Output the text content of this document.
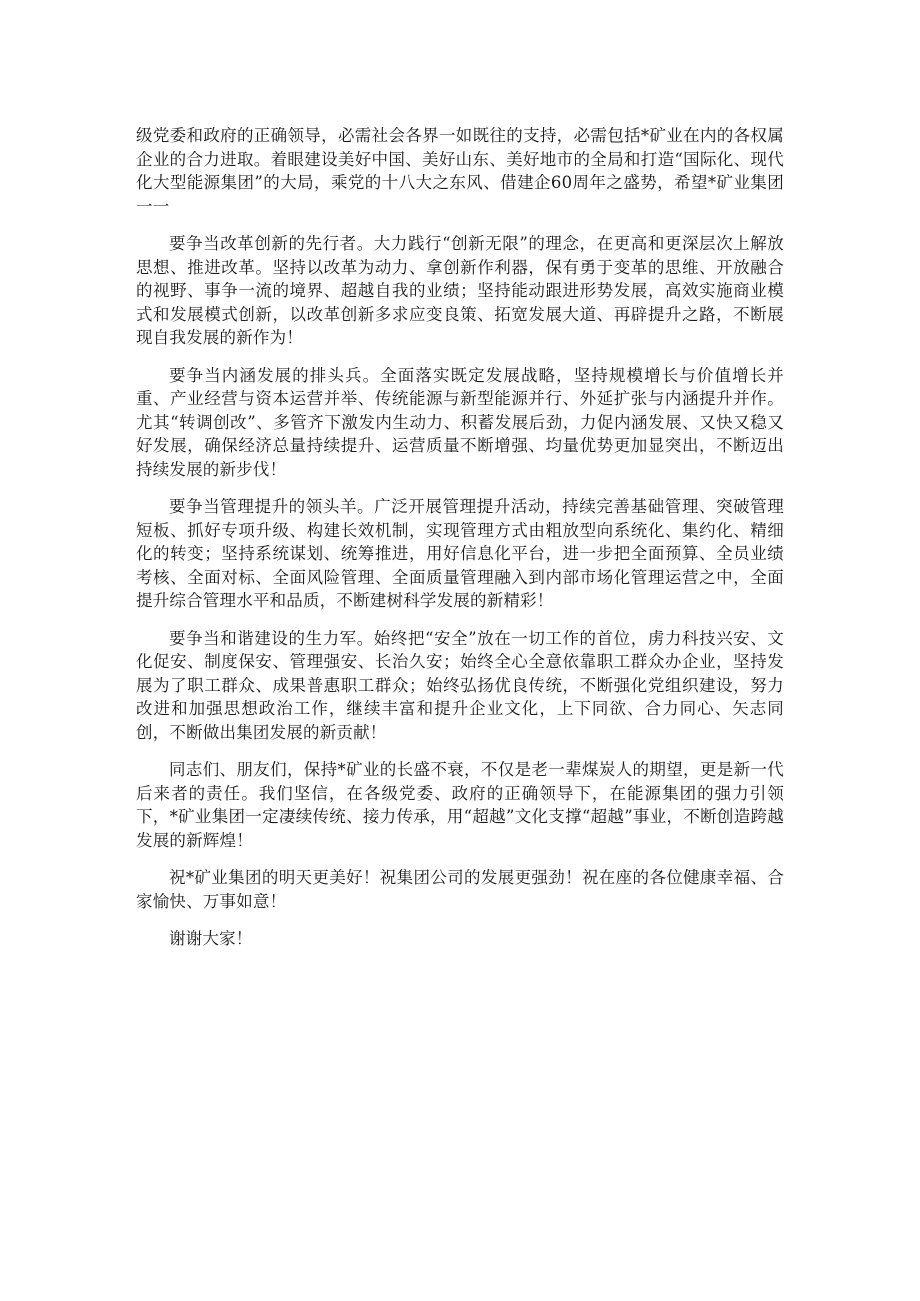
级党委和政府的正确领导，必需社会各界一如既往的支持，必需包括*矿业在内的各权属企业的合力进取。着眼建设美好中国、美好山东、美好地市的全局和打造“国际化、现代化大型能源集团”的大局，乘党的十八大之东风、借建企60周年之盛势，希望*矿业集团一一

要争当改革创新的先行者。大力践行“创新无限”的理念，在更高和更深层次上解放思想、推进改革。坚持以改革为动力、拿创新作利器，保有勇于变革的思维、开放融合的视野、事争一流的境界、超越自我的业绩；坚持能动跟进形势发展，高效实施商业模式和发展模式创新，以改革创新多求应变良策、拓宽发展大道、再辟提升之路，不断展现自我发展的新作为！

要争当内涵发展的排头兵。全面落实既定发展战略，坚持规模增长与价值增长并重、产业经营与资本运营并举、传统能源与新型能源并行、外延扩张与内涵提升并作。尤其“转调创改”、多管齐下激发内生动力、积蓄发展后劲，力促内涵发展、又快又稳又好发展，确保经济总量持续提升、运营质量不断增强、均量优势更加显突出，不断迈出持续发展的新步伐！

要争当管理提升的领头羊。广泛开展管理提升活动，持续完善基础管理、突破管理短板、抓好专项升级、构建长效机制，实现管理方式由粗放型向系统化、集约化、精细化的转变；坚持系统谋划、统筹推进，用好信息化平台，进一步把全面预算、全员业绩考核、全面对标、全面风险管理、全面质量管理融入到内部市场化管理运营之中，全面提升综合管理水平和品质，不断建树科学发展的新精彩！

要争当和谐建设的生力军。始终把“安全”放在一切工作的首位，虏力科技兴安、文化促安、制度保安、管理强安、长治久安；始终全心全意依靠职工群众办企业，坚持发展为了职工群众、成果普惠职工群众；始终弘扬优良传统，不断强化党组织建设，努力改进和加强思想政治工作，继续丰富和提升企业文化，上下同欲、合力同心、矢志同创，不断做出集团发展的新贡献！

同志们、朋友们，保持*矿业的长盛不衰，不仅是老一辈煤炭人的期望，更是新一代后来者的责任。我们坚信，在各级党委、政府的正确领导下，在能源集团的强力引领下，*矿业集团一定凄续传统、接力传承，用“超越”文化支撑“超越”事业，不断创造跨越发展的新辉煌！

祝*矿业集团的明天更美好！祝集团公司的发展更强劲！祝在座的各位健康幸福、合家愉快、万事如意！

谢谢大家！
